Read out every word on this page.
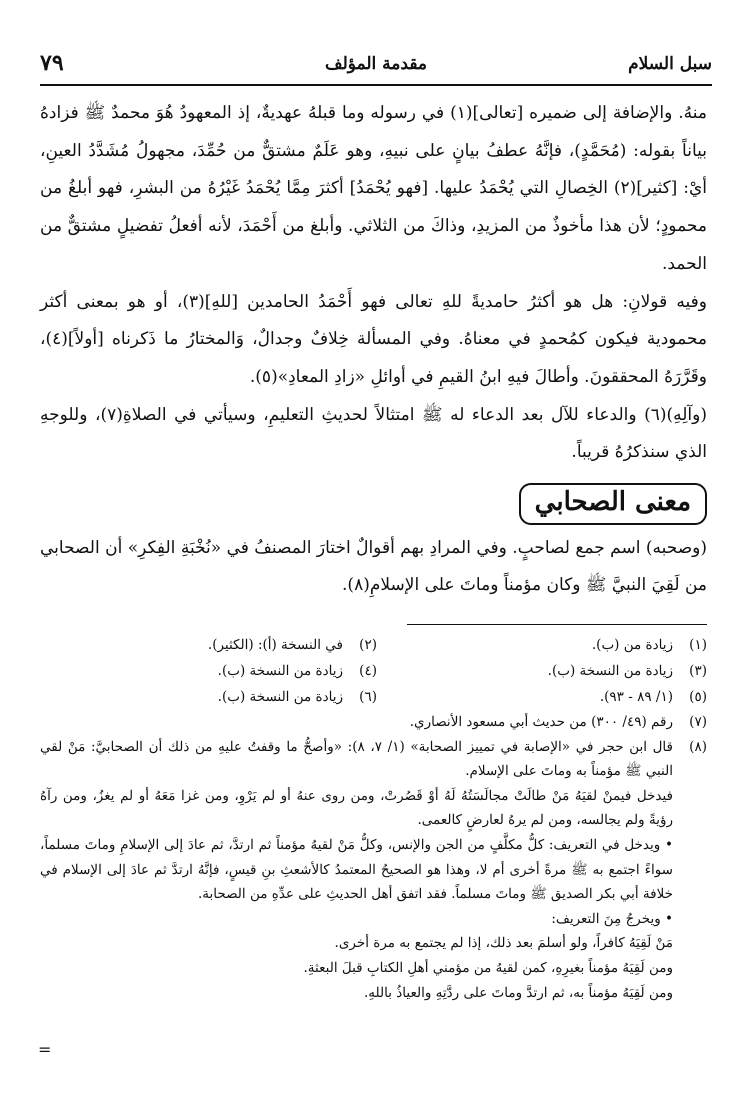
٧٩	مقدمة المؤلف	سبل السلام

منهُ. والإضافة إلى ضميره [تعالى](١) في رسوله وما قبلهُ عهديةٌ، إذ المعهودُ هُوَ محمدٌ ﷺ فزادهُ بياناً بقوله: (مُحَمَّدٍ)، فإنَّهُ عطفُ بيانٍ على نبيهِ، وهو عَلَمٌ مشتقٌّ من حُمِّدَ، مجهولُ مُشَدَّدُ العينِ، أيْ: [كثير](٢) الخِصالِ التي يُحْمَدُ عليها. [فهو يُحْمَدُ] أكثرَ مِمَّا يُحْمَدُ غَيْرُهُ من البشرِ، فهو أبلغُ من محمودٍ؛ لأن هذا مأخوذٌ من المزيدِ، وذاكَ من الثلاثي. وأبلغ من أَحْمَدَ، لأنه أفعلُ تفضيلٍ مشتقٌّ من الحمد.

وفيه قولانِ: هل هو أكثرُ حامديةً للهِ تعالى فهو أَحْمَدُ الحامدين [للهِ](٣)، أو هو بمعنى أكثر محمودية فيكون كمُحمدٍ في معناهُ. وفي المسألة خِلافٌ وجدالٌ، وَالمختارُ ما ذَكرناه [أولاً](٤)، وقَرَّرَهُ المحققونَ. وأطالَ فيهِ ابنُ القيمِ في أوائلِ «زادِ المعادِ»(٥).

(وآلِهِ)(٦) والدعاء للآل بعد الدعاء له ﷺ امتثالاً لحديثِ التعليمِ، وسيأتي في الصلاةِ(٧)، وللوجهِ الذي سنذكرُهُ قريباً.

معنى الصحابي

(وصحبه) اسم جمع لصاحبٍ. وفي المرادِ بهم أقوالٌ اختارَ المصنفُ في «نُخْبَةِ الفِكرِ» أن الصحابي من لَقِيَ النبيَّ ﷺ وكان مؤمناً وماتَ على الإسلامِ(٨).

(١)
زيادة من (ب).
(٢)
في النسخة (أ): (الكثير).
(٣)
زيادة من النسخة (ب).
(٤)
زيادة من النسخة (ب).
(٥)
(١/ ٨٩ - ٩٣).
(٦)
زيادة من النسخة (ب).
(٧)
رقم (٤٩/ ٣٠٠) من حديث أبي مسعود الأنصاري.
(٨)

قال ابن حجر في «الإصابة في تمييز الصحابة» (١/ ٧، ٨): «وأصحُّ ما وقفتُ عليهِ من ذلك أن الصحابيَّ: مَنْ لقي النبي ﷺ مؤمناً به وماتَ على الإسلام.

فيدخل فيمنْ لقيَهُ مَنْ طالَتْ مجالَسَتُهُ لَهُ أوْ قَصُرتْ، ومن روى عنهُ أو لم يَرْوِ، ومن غزا مَعَهُ أو لم يغزُ، ومن رآهُ رؤيةً ولم يجالسه، ومن لم يرهُ لعارضٍ كالعمى.

• ويدخل في التعريف: كلُّ مكلَّفٍ من الجن والإنس، وكلُّ مَنْ لقيهُ مؤمناً ثم ارتدَّ، ثم عادَ إلى الإسلامِ وماتَ مسلماً، سواءً اجتمع به ﷺ مرةً أخرى أم لا، وهذا هو الصحيحُ المعتمدُ كالأشعثِ بنِ قيسٍ، فإنَّهُ ارتدَّ ثم عادَ إلى الإسلام في خلافة أبي بكر الصديق ﷺ وماتَ مسلماً. فقد اتفق أهل الحديثِ على عدِّهِ من الصحابة.

• ويخرجُ مِنَ التعريف:

مَنْ لَقِيَهُ كافراً، ولو أسلمَ بعد ذلك، إذا لم يجتمع به مرة أخرى.

ومن لَقِيَهُ مؤمناً بغيرِهِ، كمن لقيهُ من مؤمني أهلِ الكتابِ قبلَ البعثةِ.

ومن لَقِيَهُ مؤمناً به، ثم ارتدَّ وماتَ على ردَّتِهِ والعياذُ باللهِ.

=
